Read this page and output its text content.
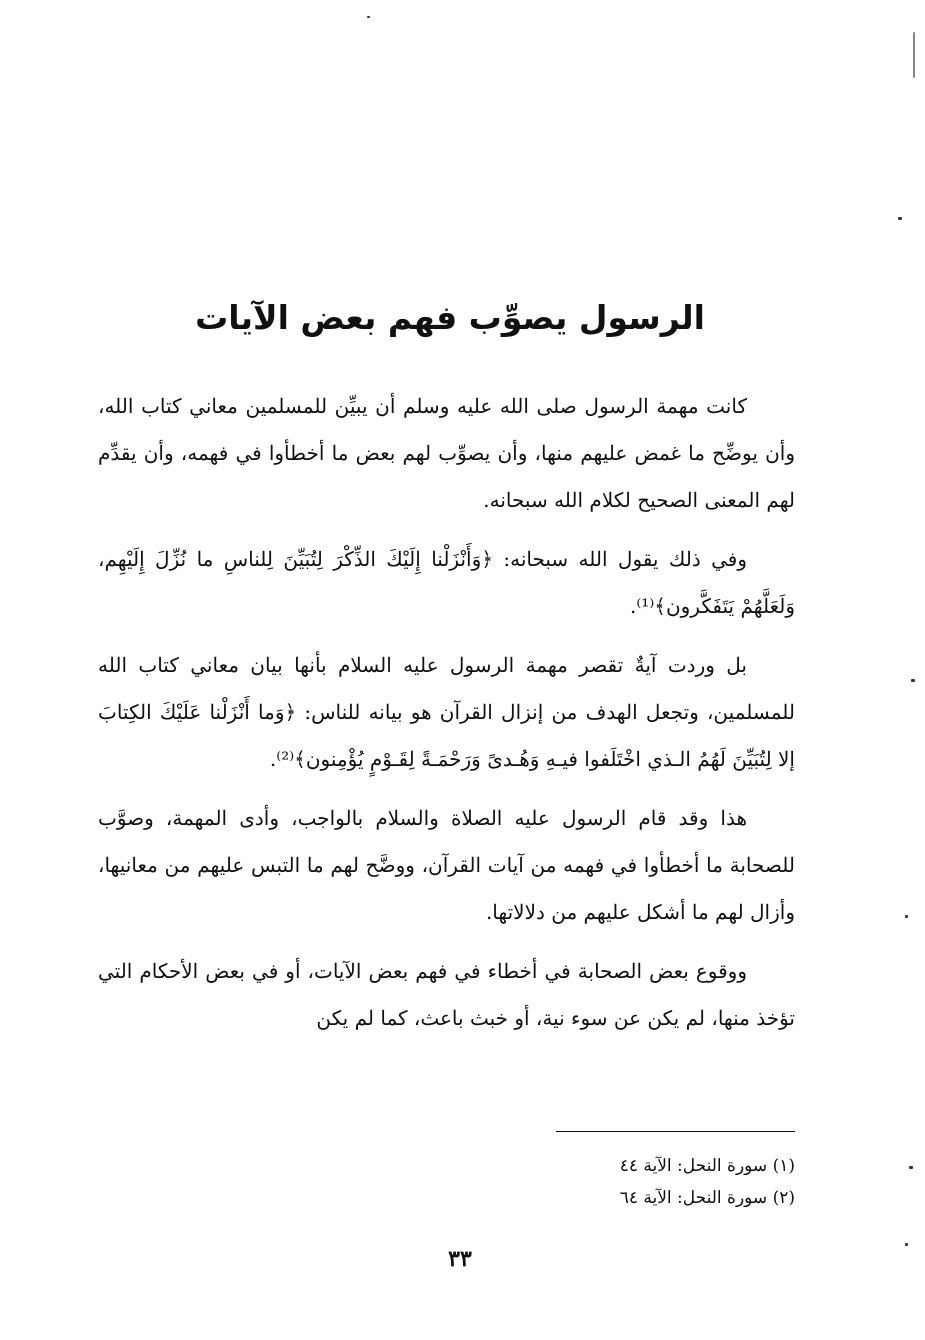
الرسول يصوِّب فهم بعض الآيات

كانت مهمة الرسول صلى الله عليه وسلم أن يبيِّن للمسلمين معاني كتاب الله، وأن يوضِّح ما غمض عليهم منها، وأن يصوِّب لهم بعض ما أخطأوا في فهمه، وأن يقدِّم لهم المعنى الصحيح لكلام الله سبحانه.

وفي ذلك يقول الله سبحانه: ﴿وَأَنْزَلْنا إِلَيْكَ الذِّكْرَ لِتُبَيِّنَ لِلناسِ ما نُزِّلَ إِلَيْهِم، وَلَعَلَّهُمْ يَتَفَكَّرون﴾⁽¹⁾.

بل وردت آيةٌ تقصر مهمة الرسول عليه السلام بأنها بيان معاني كتاب الله للمسلمين، وتجعل الهدف من إنزال القرآن هو بيانه للناس: ﴿وَما أَنْزَلْنا عَلَيْكَ الكِتابَ إلا لِتُبَيِّنَ لَهُمُ الـذي اخْتَلَفوا فيـهِ وَهُـدىً وَرَحْمَـةً لِقَـوْمٍ يُؤْمِنون﴾⁽²⁾.

هذا وقد قام الرسول عليه الصلاة والسلام بالواجب، وأدى المهمة، وصوَّب للصحابة ما أخطأوا في فهمه من آيات القرآن، ووضَّح لهم ما التبس عليهم من معانيها، وأزال لهم ما أشكل عليهم من دلالاتها.

ووقوع بعض الصحابة في أخطاء في فهم بعض الآيات، أو في بعض الأحكام التي تؤخذ منها، لم يكن عن سوء نية، أو خبث باعث، كما لم يكن

(١) سورة النحل: الآية ٤٤
(٢) سورة النحل: الآية ٦٤
٣٣
